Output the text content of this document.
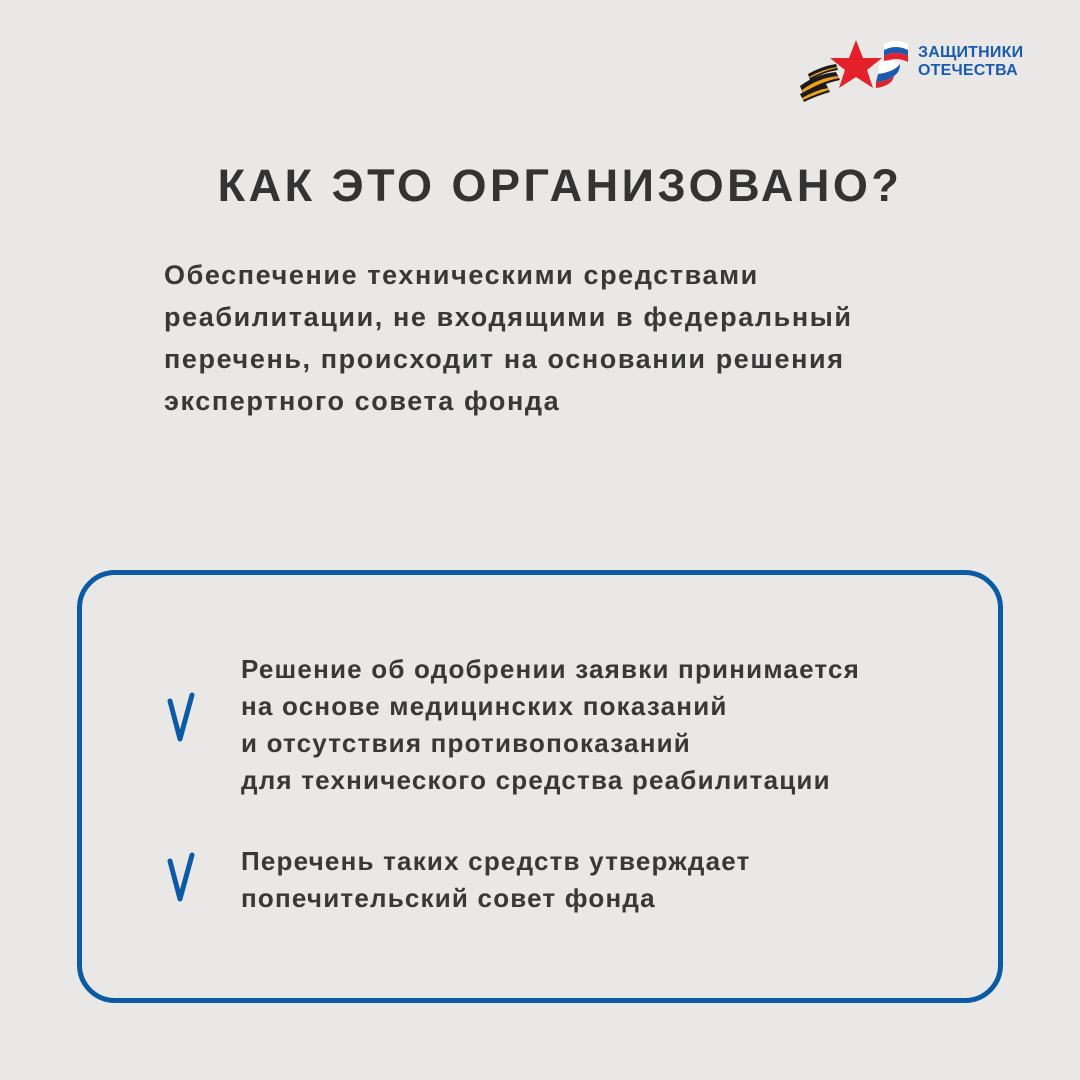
ЗАЩИТНИКИ
ОТЕЧЕСТВА
КАК ЭТО ОРГАНИЗОВАНО?
Обеспечение техническими средствами
реабилитации, не входящими в федеральный
перечень, происходит на основании решения
экспертного совета фонда
Решение об одобрении заявки принимается
на основе медицинских показаний
и отсутствия противопоказаний
для технического средства реабилитации
Перечень таких средств утверждает
попечительский совет фонда
